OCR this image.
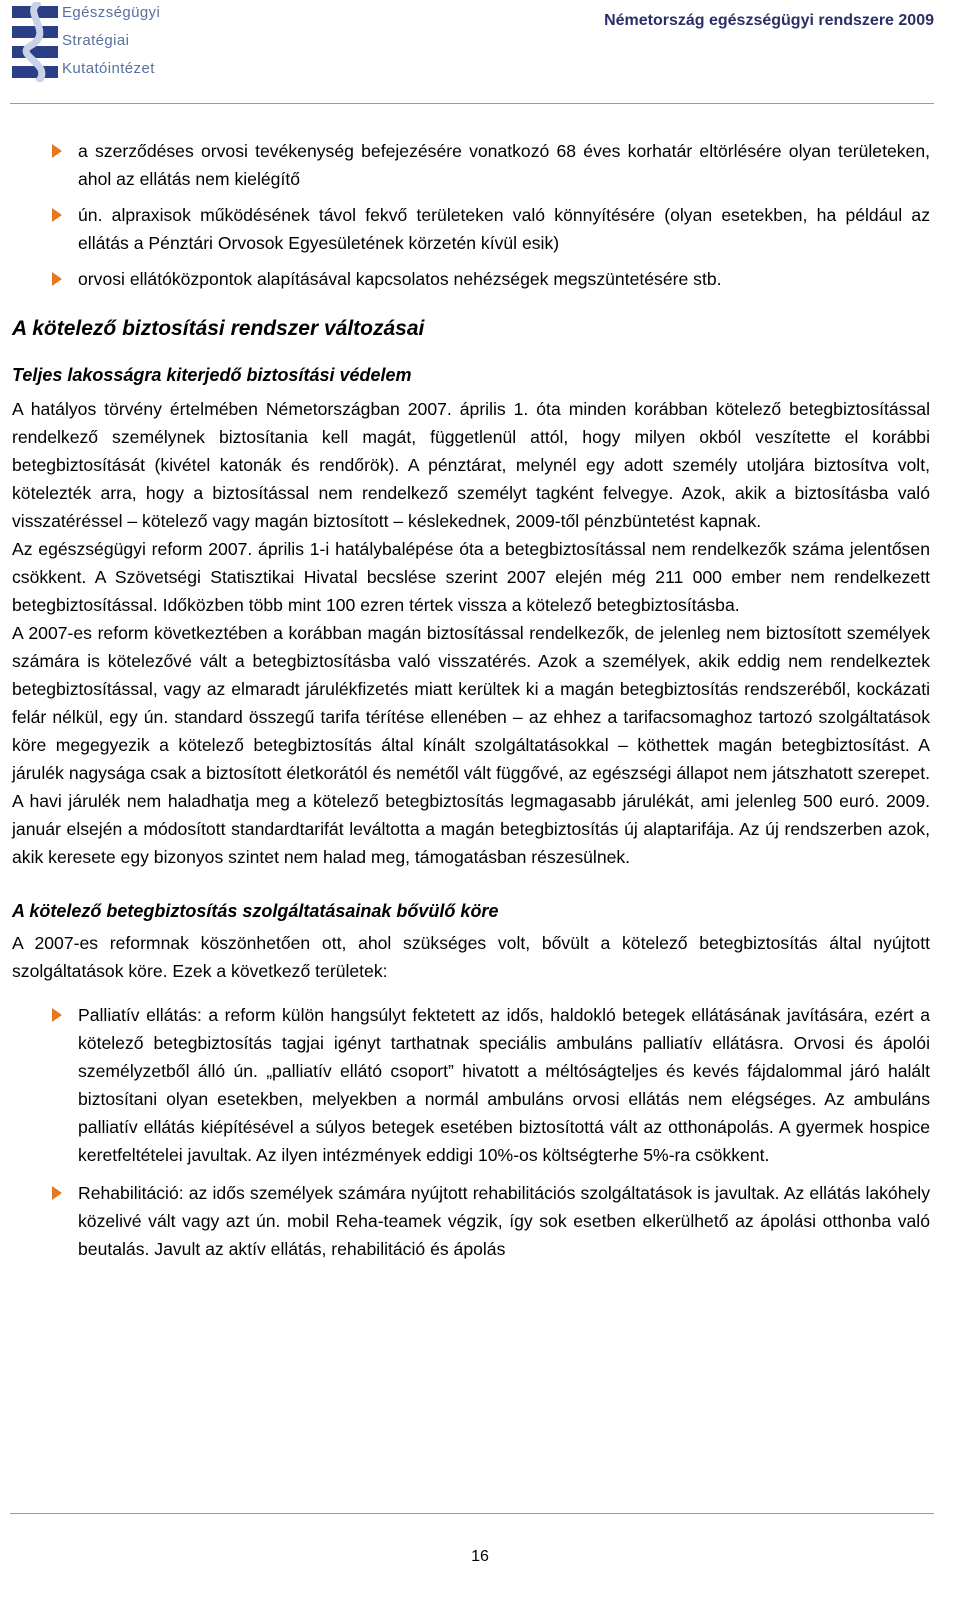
Egészségügyi
Stratégiai
Kutatóintézet
Németország egészségügyi rendszere 2009
a szerződéses orvosi tevékenység befejezésére vonatkozó 68 éves korhatár eltörlésére olyan területeken, ahol az ellátás nem kielégítő
ún. alpraxisok működésének távol fekvő területeken való könnyítésére (olyan esetekben, ha például az ellátás a Pénztári Orvosok Egyesületének körzetén kívül esik)
orvosi ellátóközpontok alapításával kapcsolatos nehézségek megszüntetésére stb.
A kötelező biztosítási rendszer változásai
Teljes lakosságra kiterjedő biztosítási védelem

A hatályos törvény értelmében Németországban 2007. április 1. óta minden korábban kötelező betegbiztosítással rendelkező személynek biztosítania kell magát, függetlenül attól, hogy milyen okból veszítette el korábbi betegbiztosítását (kivétel katonák és rendőrök). A pénztárat, melynél egy adott személy utoljára biztosítva volt, kötelezték arra, hogy a biztosítással nem rendelkező személyt tagként felvegye. Azok, akik a biztosításba való visszatéréssel – kötelező vagy magán biztosított – késlekednek, 2009-től pénzbüntetést kapnak.

Az egészségügyi reform 2007. április 1-i hatálybalépése óta a betegbiztosítással nem rendelkezők száma jelentősen csökkent. A Szövetségi Statisztikai Hivatal becslése szerint 2007 elején még 211 000 ember nem rendelkezett betegbiztosítással. Időközben több mint 100 ezren tértek vissza a kötelező betegbiztosításba.

A 2007-es reform következtében a korábban magán biztosítással rendelkezők, de jelenleg nem biztosított személyek számára is kötelezővé vált a betegbiztosításba való visszatérés. Azok a személyek, akik eddig nem rendelkeztek betegbiztosítással, vagy az elmaradt járulékfizetés miatt kerültek ki a magán betegbiztosítás rendszeréből, kockázati felár nélkül, egy ún. standard összegű tarifa térítése ellenében – az ehhez a tarifacsomaghoz tartozó szolgáltatások köre megegyezik a kötelező betegbiztosítás által kínált szolgáltatásokkal – köthettek magán betegbiztosítást. A járulék nagysága csak a biztosított életkorától és nemétől vált függővé, az egészségi állapot nem játszhatott szerepet. A havi járulék nem haladhatja meg a kötelező betegbiztosítás legmagasabb járulékát, ami jelenleg 500 euró. 2009. január elsején a módosított standardtarifát leváltotta a magán betegbiztosítás új alaptarifája. Az új rendszerben azok, akik keresete egy bizonyos szintet nem halad meg, támogatásban részesülnek.

A kötelező betegbiztosítás szolgáltatásainak bővülő köre

A 2007-es reformnak köszönhetően ott, ahol szükséges volt, bővült a kötelező betegbiztosítás által nyújtott szolgáltatások köre. Ezek a következő területek:

Palliatív ellátás: a reform külön hangsúlyt fektetett az idős, haldokló betegek ellátásának javítására, ezért a kötelező betegbiztosítás tagjai igényt tarthatnak speciális ambuláns palliatív ellátásra. Orvosi és ápolói személyzetből álló ún. „palliatív ellátó csoport” hivatott a méltóságteljes és kevés fájdalommal járó halált biztosítani olyan esetekben, melyekben a normál ambuláns orvosi ellátás nem elégséges. Az ambuláns palliatív ellátás kiépítésével a súlyos betegek esetében biztosítottá vált az otthonápolás. A gyermek hospice keretfeltételei javultak. Az ilyen intézmények eddigi 10%-os költségterhe 5%-ra csökkent.
Rehabilitáció: az idős személyek számára nyújtott rehabilitációs szolgáltatások is javultak. Az ellátás lakóhely közelivé vált vagy azt ún. mobil Reha-teamek végzik, így sok esetben elkerülhető az ápolási otthonba való beutalás. Javult az aktív ellátás, rehabilitáció és ápolás
16
